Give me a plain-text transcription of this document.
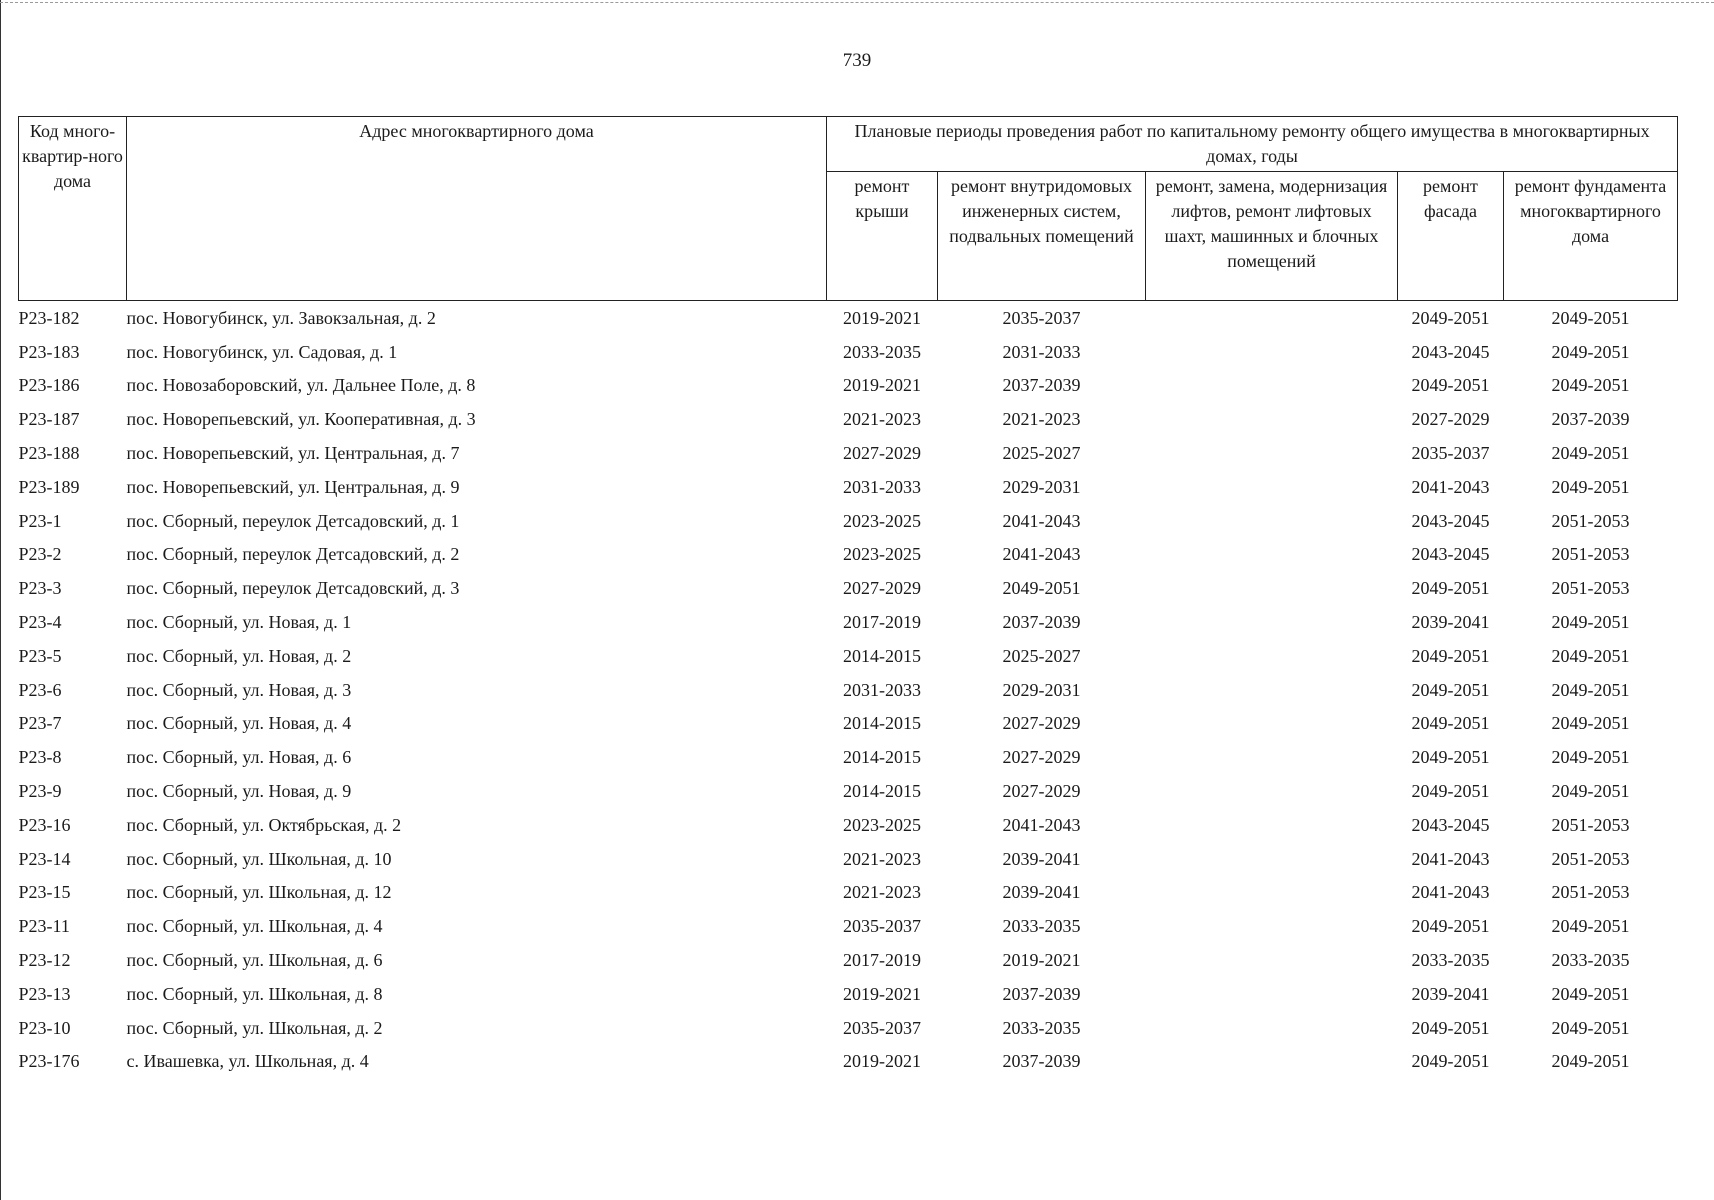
739
Код много-квартир-ного дома	Адрес многоквартирного дома	Плановые периоды проведения работ по капитальному ремонту общего имущества в многоквартирных домах, годы				
		ремонт крыши	ремонт внутридомовых инженерных систем, подвальных помещений	ремонт, замена, модернизация лифтов, ремонт лифтовых шахт, машинных и блочных помещений	ремонт фасада	ремонт фундамента многоквартирного дома
P23-182	пос. Новогубинск, ул. Завокзальная, д. 2	2019-2021	2035-2037		2049-2051	2049-2051
P23-183	пос. Новогубинск, ул. Садовая, д. 1	2033-2035	2031-2033		2043-2045	2049-2051
P23-186	пос. Новозаборовский, ул. Дальнее Поле, д. 8	2019-2021	2037-2039		2049-2051	2049-2051
P23-187	пос. Новорепьевский, ул. Кооперативная, д. 3	2021-2023	2021-2023		2027-2029	2037-2039
P23-188	пос. Новорепьевский, ул. Центральная, д. 7	2027-2029	2025-2027		2035-2037	2049-2051
P23-189	пос. Новорепьевский, ул. Центральная, д. 9	2031-2033	2029-2031		2041-2043	2049-2051
P23-1	пос. Сборный, переулок Детсадовский, д. 1	2023-2025	2041-2043		2043-2045	2051-2053
P23-2	пос. Сборный, переулок Детсадовский, д. 2	2023-2025	2041-2043		2043-2045	2051-2053
P23-3	пос. Сборный, переулок Детсадовский, д. 3	2027-2029	2049-2051		2049-2051	2051-2053
P23-4	пос. Сборный, ул. Новая, д. 1	2017-2019	2037-2039		2039-2041	2049-2051
P23-5	пос. Сборный, ул. Новая, д. 2	2014-2015	2025-2027		2049-2051	2049-2051
P23-6	пос. Сборный, ул. Новая, д. 3	2031-2033	2029-2031		2049-2051	2049-2051
P23-7	пос. Сборный, ул. Новая, д. 4	2014-2015	2027-2029		2049-2051	2049-2051
P23-8	пос. Сборный, ул. Новая, д. 6	2014-2015	2027-2029		2049-2051	2049-2051
P23-9	пос. Сборный, ул. Новая, д. 9	2014-2015	2027-2029		2049-2051	2049-2051
P23-16	пос. Сборный, ул. Октябрьская, д. 2	2023-2025	2041-2043		2043-2045	2051-2053
P23-14	пос. Сборный, ул. Школьная, д. 10	2021-2023	2039-2041		2041-2043	2051-2053
P23-15	пос. Сборный, ул. Школьная, д. 12	2021-2023	2039-2041		2041-2043	2051-2053
P23-11	пос. Сборный, ул. Школьная, д. 4	2035-2037	2033-2035		2049-2051	2049-2051
P23-12	пос. Сборный, ул. Школьная, д. 6	2017-2019	2019-2021		2033-2035	2033-2035
P23-13	пос. Сборный, ул. Школьная, д. 8	2019-2021	2037-2039		2039-2041	2049-2051
P23-10	пос. Сборный, ул. Школьная, д. 2	2035-2037	2033-2035		2049-2051	2049-2051
P23-176	с. Ивашевка, ул. Школьная, д. 4	2019-2021	2037-2039		2049-2051	2049-2051
